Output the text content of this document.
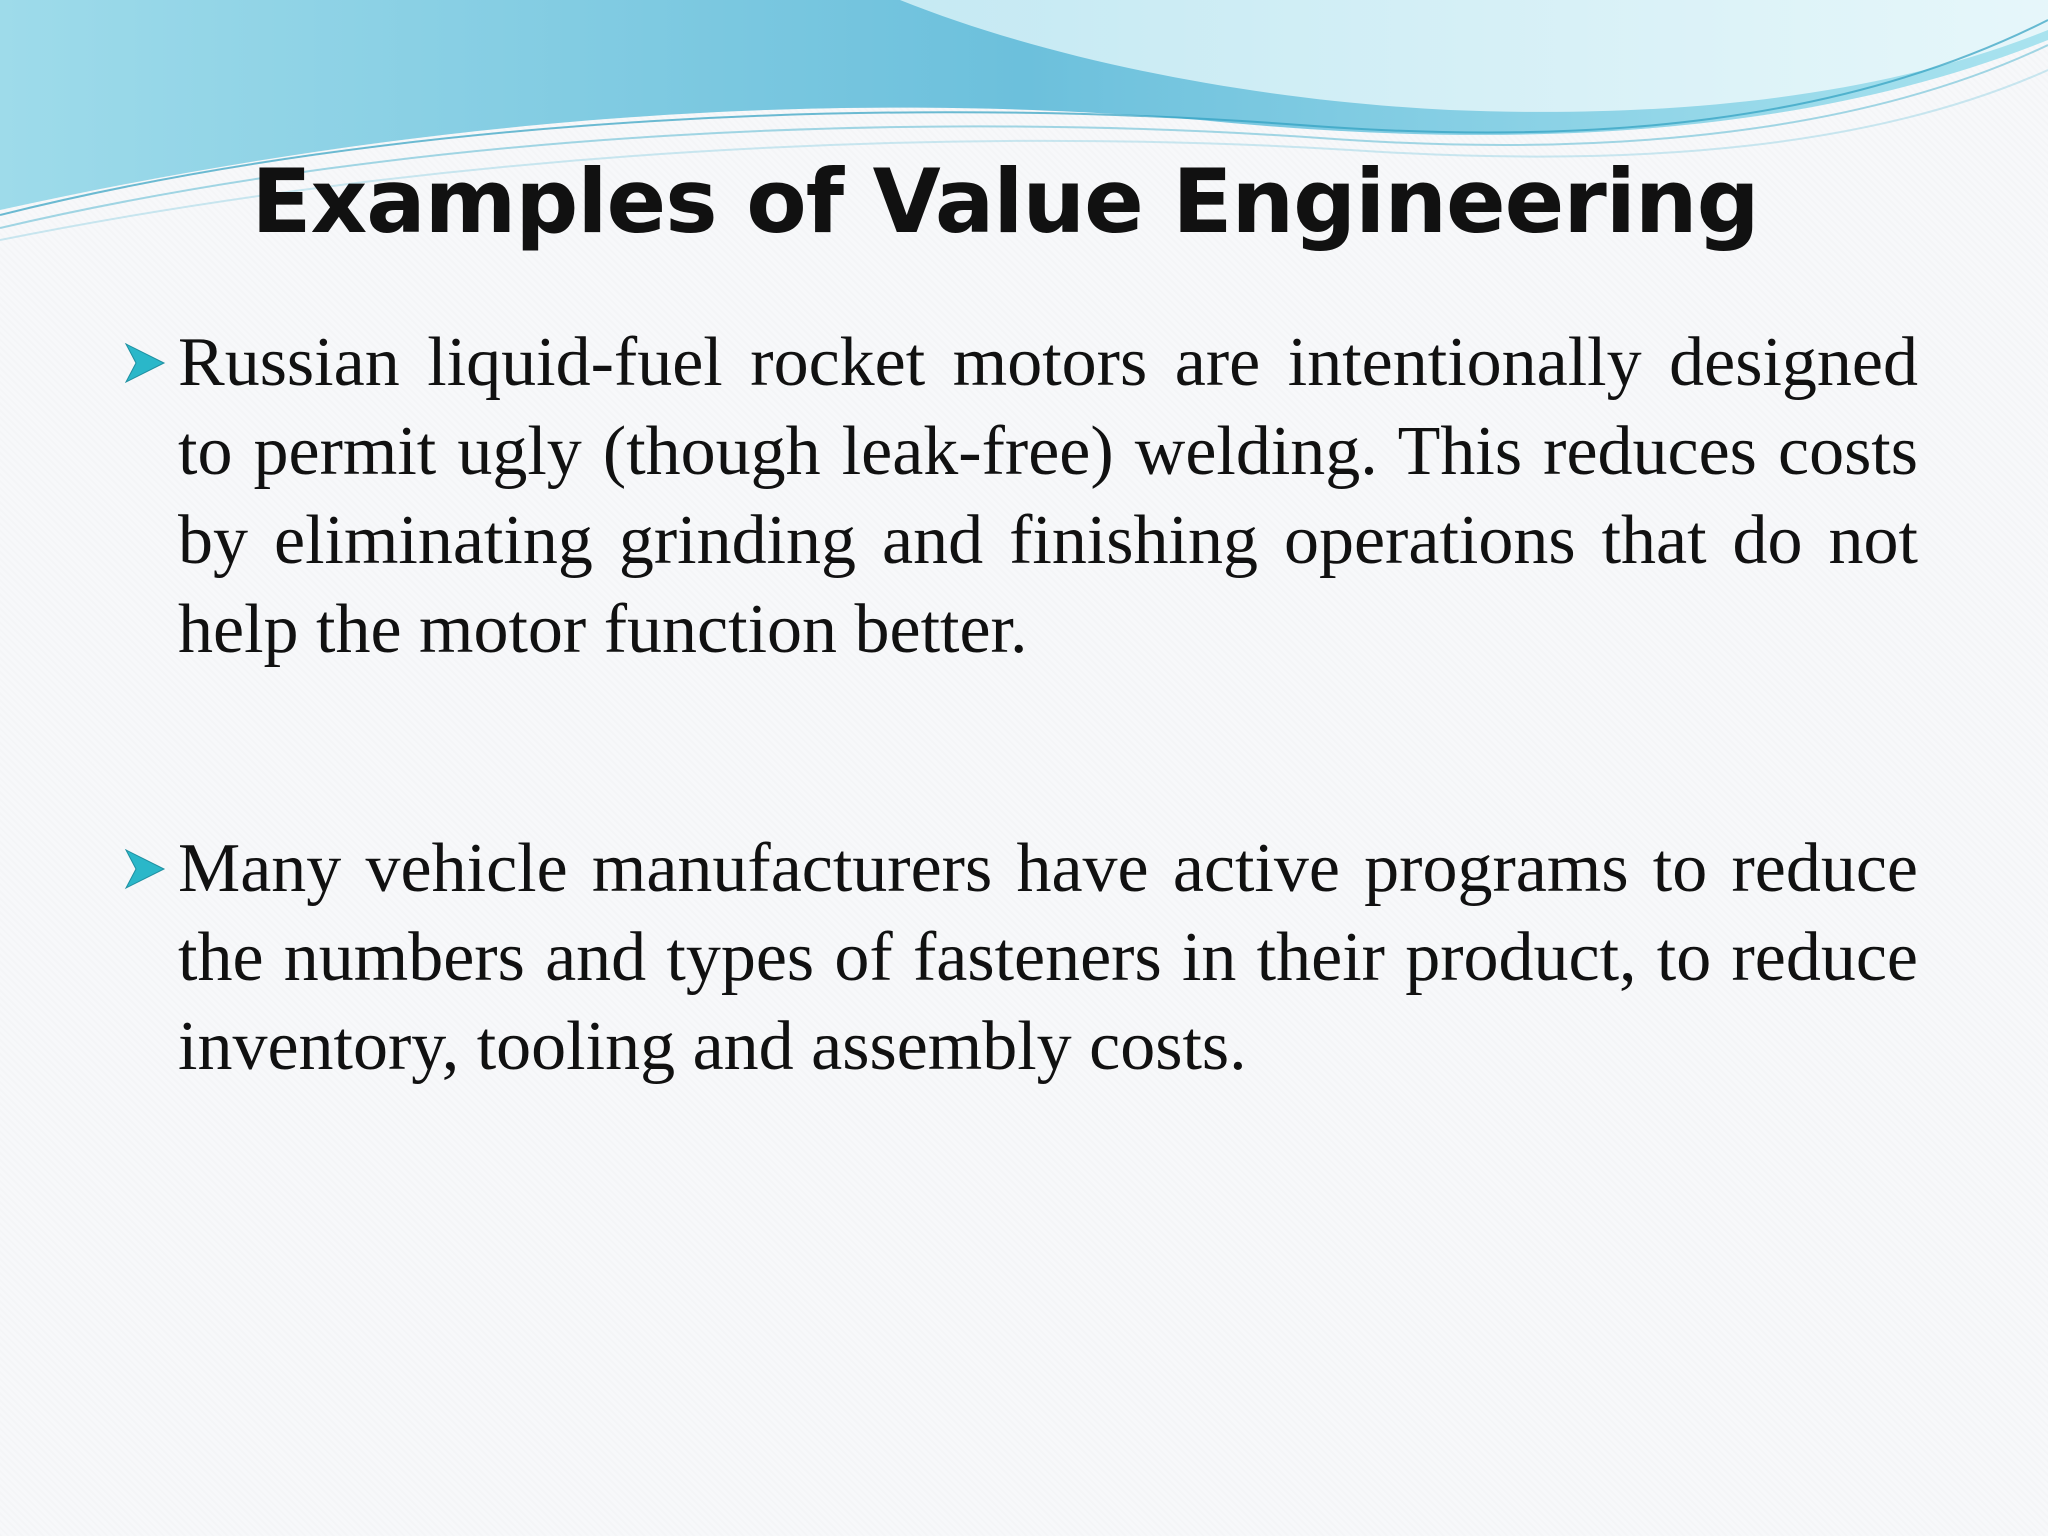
Examples of Value Engineering
Russian liquid-fuel rocket motors are intentionally designed to permit ugly (though leak-free) welding. This reduces costs by eliminating grinding and finishing operations that do not help the motor function better.
Many vehicle manufacturers have active programs to reduce the numbers and types of fasteners in their product, to reduce inventory, tooling and assembly costs.
